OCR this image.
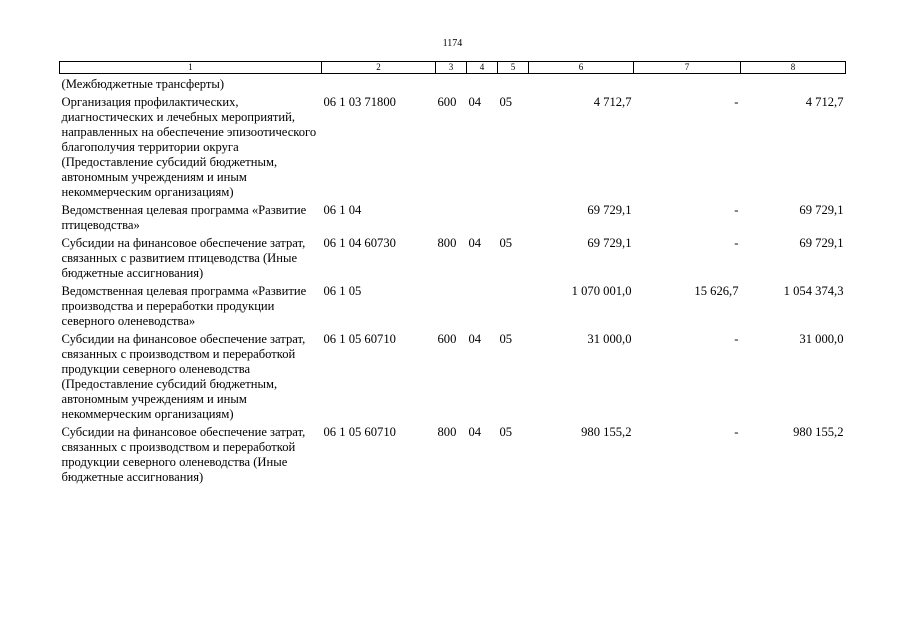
1174
1	2	3	4	5	6	7	8
(Межбюджетные трансферты)							
Организация профилактических, диагностических и лечебных мероприятий, направленных на обеспечение эпизоотического благополучия территории округа (Предоставление субсидий бюджетным, автономным учреждениям и иным некоммерческим организациям)	06 1 03 71800	600	04	05	4 712,7	-	4 712,7
Ведомственная целевая программа «Развитие птицеводства»	06 1 04				69 729,1	-	69 729,1
Субсидии на финансовое обеспечение затрат, связанных с развитием птицеводства (Иные бюджетные ассигнования)	06 1 04 60730	800	04	05	69 729,1	-	69 729,1
Ведомственная целевая программа «Развитие производства и переработки продукции северного оленеводства»	06 1 05				1 070 001,0	15 626,7	1 054 374,3
Субсидии на финансовое обеспечение затрат, связанных с производством и переработкой продукции северного оленеводства (Предоставление субсидий бюджетным, автономным учреждениям и иным некоммерческим организациям)	06 1 05 60710	600	04	05	31 000,0	-	31 000,0
Субсидии на финансовое обеспечение затрат, связанных с производством и переработкой продукции северного оленеводства (Иные бюджетные ассигнования)	06 1 05 60710	800	04	05	980 155,2	-	980 155,2
